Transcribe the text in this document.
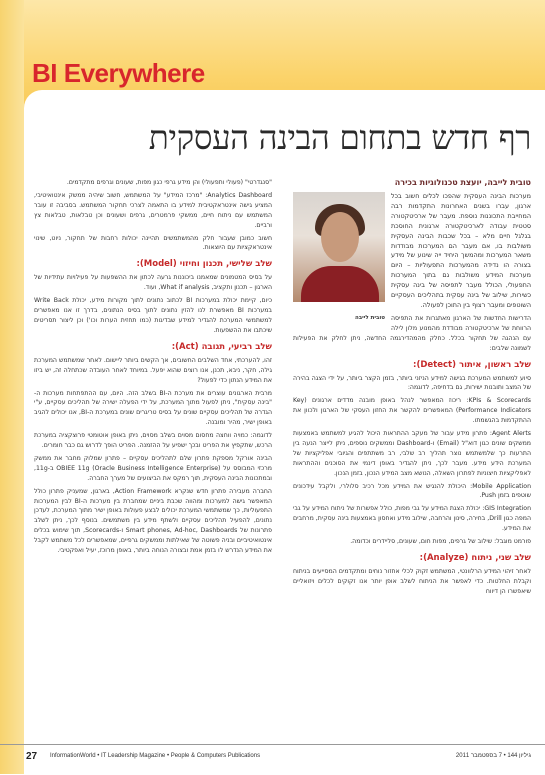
BI Everywhere
רף חדש בתחום הבינה העסקית
טובית לייבה, יועצת טכנולוגיות בכירה

מערכות הבינה העסקית שהפכו לכלים חשוב בכל ארגון, עברו בשנים האחרונות התקדמות רבה המחייבת התכוננות נוספת. מעבר של ארכיטקטורה סטטית עבודה לארכיטקטורה ארגונית החוסכת בגלגל חיים מלא – בכל שכבות הבינה העסקית משולבות בו, אם מעבר הם המערכות מבודדות משאר המערכות ומהמשך היחיד ייה שינוע של מידע בצורה הו נדידה מהמערכות התפעוליות – היום מערכות המידע משולבות גם בתוך המערכות התפעולי, הכולל מעבר לתפיסה של בינה עסקית כשירות, שילוב של בינה עסקית בתהליכים העסקיים השוטפים ומעבר רצוף בין התוכן לפעולה.

טובית לייבה הדרישות החדשות של הארגון מאתגרות את התפיסה הרווחת של ארכיטקטורה מבודדת מהמנוע מלון לילה עם הנהגה של תחקור בכלל. כחלק מהמהדירגמה החדשה, ניתן לחלק את הפעילות לשמונה שלבים:

שלב ראשון, איתור (Detect):

סיוע למשתמש המערכת בגישה למידע הניזני ביותר, בזמן הקצר ביותר, על ידי הצגה בהירה של המצב ותובנות ישירות, גם בדחיפה, לדוגמה:

KPIs & Scorecards: ריכוז המאפשר לנהל באופן מובנה מדדים ארגונים (Key Performance Indicators) המאפשרים להקשר את החזון העסקי של הארגון ולכוון את ההתקדמות בהגשמתו.

Agent Alerts: פתרון מידע עבור של מעקב ההתראות היכול להגיע למשתמש באמצעות ממשקים שונים כגון דוא"ל (Email) ו-Dashboard וממשקים נוספים, ניתן לייצר הנעה בין התרעות כך שלמשתמש נוצר תהליך רב שלבי, רב משתתפים והגיובי אפליקציות של המערכת הידע מידע. מעבר לכך, ניתן להגדיר באופן דינמי את הסוכנים וההתראות לאפליקציות חיצוניות לפתרון השאלה, הנושא מצב המידע הנכון, בזמן הנכון.

Mobile Application: היכולת להנגיש את המידע מכל רכיב סלולרי, ולקבל עידכונים שוטפים בזמן Push.

GIS Integration: יכולת הצגת המידע על גבי מפות, כולל אפשרות של ניתוח המידע על גבי המפה כגון Drill, בחירה, סינון והרחבה, שילוב מידע ואחסון באמצעות בינה עסקית, מרחבים את המידע.

פורמט מוגבל: שילוב של גרפים, מפות חום, שעונים, סליידרים וכדומה.

שלב שני, ניתוח (Analyze):

לאחר זיהוי המידע הרלוונטי, המשתמש זקוק לכלי אחזור נוחים ומתקדמים המסייעים בניתוח וקבלת החלטות. כדי לאפשר את הניתוח לשלב אופן יותר אנו זקוקים לכלים ויזואליים שיאפשרו הן דיווח

"סנגדרטי" (פעולי ותפעולי) והן מידע גרפי כגון מפות, שעונים וגרפים מתקדמים.

Analytics Dashboard: "מרכז המידע" על המשתמש, חשוב שיהיה ממשק אינטואיטיבי, המציע גישה אינטראקטיבית למידע בו התאמה לצרכי תחקור המשתמש. בסביבה זו עובר המשתמש עם ניתוח חיים, ממשקי פרמטרים, גרפים ושעונים וכן טבלאות, טבלאות צץ ורביים.

חשוב כמובן שעבור חלק מהמשתמשים תהיינה יכולות רחבות של תחקור, ניוט, שינוי אינטראקציות עם היוצאות.

שלב שלישי, תכנון וחיזוי (Model):

על בסיס המטמונים שמאמנו ביכוננות גרעה לכתון את ההשפעות על פעילויות עתידיות של הארגון – תכנון ותקציב, What if analysis, ועוד.

כיום, קיימת יכולת במערכות BI לכתוב נתונים לתוך מקורות מידע, יכולת Write Back במערכות BI מאפשרת לנו להזין נתונים לתוך בסיס הנתונים, בדרך זו אנו מאפשרים למשתמשי המערכת להגדיר למידע שבדיגות (כמו תחזית הערות וכו') וכן ליצור תסריטים שיכתבו את ההשפעות.

שלב רביעי, תגובה (Act):

זהו, להערכתי, אחד השלבים החשובים, אך הקשים ביותר ליישום. לאחר שמשתמש המערכת גילה, חקר, ניבא, תכנן, אנו רוצים שהוא יפעל. במיוחד לאחר העובדה שכתחלה זה, יש ביזו את המידע הנתון כדי לפעול?

מרבית הארגונים עוצרים את מערכת ה-BI בשלב הזה. היום, עם ההתפתחות מערכות ה-"בינה עסקית", ניתן לפעול מתוך המערכת, על ידי הפעלה ישירה של תהליכים עסקיים, ע"י הגדרה של תהליכים עסקיים שונים על בסיס טריגרים שונים במערכת ה-BI, אנו יכולים להגיב באופן ישיר, מהיר ומובנה.

לדוגמה: כמויה ווחצה מחסום מסוים בשלב מסוים, ניתן באופן אוטומטי פרוצקציה במערכת הרכש, שתקפיץ את הפריט ובכך ישפיע על ההזמנה. הפריט הופך לדרוש גם כבר חומרים.

הבינה אורקל מספקת פתרון שלם לתהליכים עסקיים – פתרון שמלוק מחבר את ממשק מרכזי המבוסס על OBIEE 11g (Oracle Business Intelligence Enterprise) ב-11g, ובמתכונות הבינה העסקית, תוך רמקס את הביצועים של מערך החברה.

החברה מעבירה פתרון חדש שנקרא Action Framework, בארגון, שמעניק פתרון כולל המאפשר גישה למערכות ומהווה שכבת ביניים שמחברת בין מערכות ה-BI לבין המערכות התפעוליות, כך שמשתמשי המערכת יכולים לבצע פעולות באופן ישיר מתוך המערכת, לעדכן נתונים, להפעיל תהליכים עסקיים ולשתף מידע בין משתמשים. בנוסף לכך, ניתן לשלב פתרונות של Smart phones, Ad-hoc, Dashboards ו-Scorecards, תוך שימוש בכלים אינטואיטיביים ובניה פשוטה של שאילתות וממשקים גרפיים, שמאפשרים לכל משתמש לקבל את המידע הנדרש לו בזמן אמת ובצורה הנוחה ביותר, באופן מרוכז, יעיל ואפקטיבי.

27 InformationWorld • IT Leadership Magazine • People & Computers Publications	גיליון 144 • 7 בספטמבר 2011
